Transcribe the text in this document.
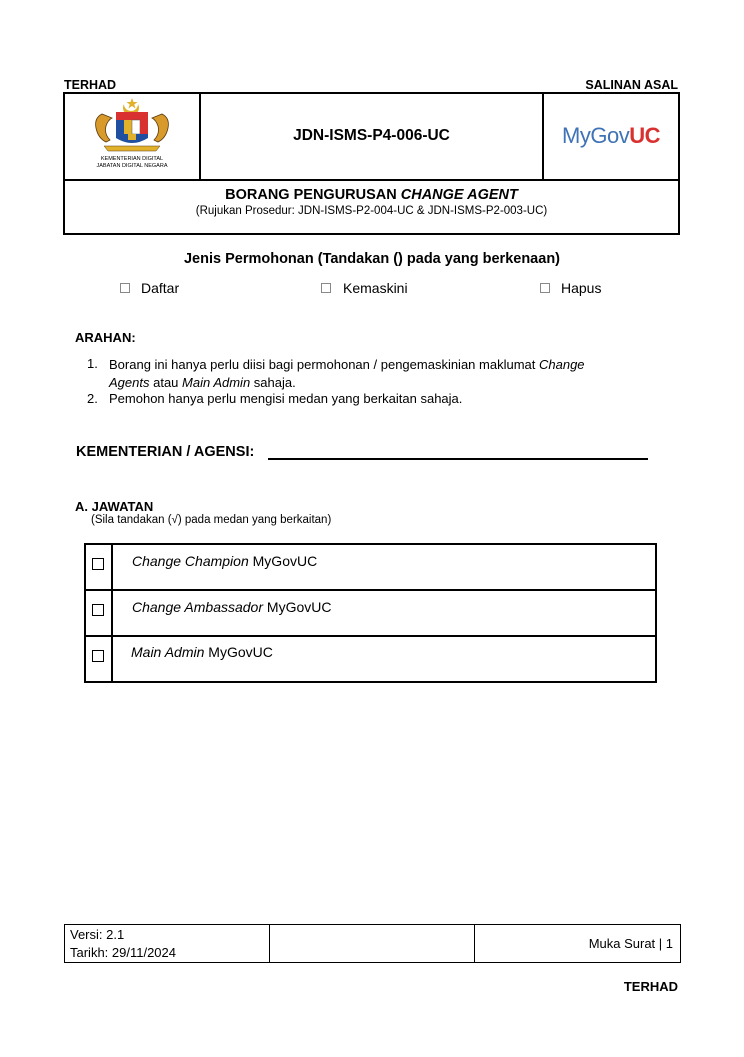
TERHAD	SALINAN ASAL
KEMENTERIAN DIGITAL
JABATAN DIGITAL NEGARA
JDN-ISMS-P4-006-UC	My Gov UC
BORANG PENGURUSAN CHANGE AGENT
(Rujukan Prosedur: JDN-ISMS-P2-004-UC & JDN-ISMS-P2-003-UC)
Jenis Permohonan (Tandakan () pada yang berkenaan)
Daftar	Kemaskini	Hapus
ARAHAN:
1. Borang ini hanya perlu diisi bagi permohonan / pengemaskinian maklumat Change
Agents atau Main Admin sahaja.
2. Pemohon hanya perlu mengisi medan yang berkaitan sahaja.
KEMENTERIAN / AGENSI:
A. JAWATAN
(Sila tandakan (√) pada medan yang berkaitan)
Change Champion MyGovUC
Change Ambassador MyGovUC
Main Admin MyGovUC
Versi: 2.1
Tarikh: 29/11/2024
Muka Surat | 1
TERHAD
